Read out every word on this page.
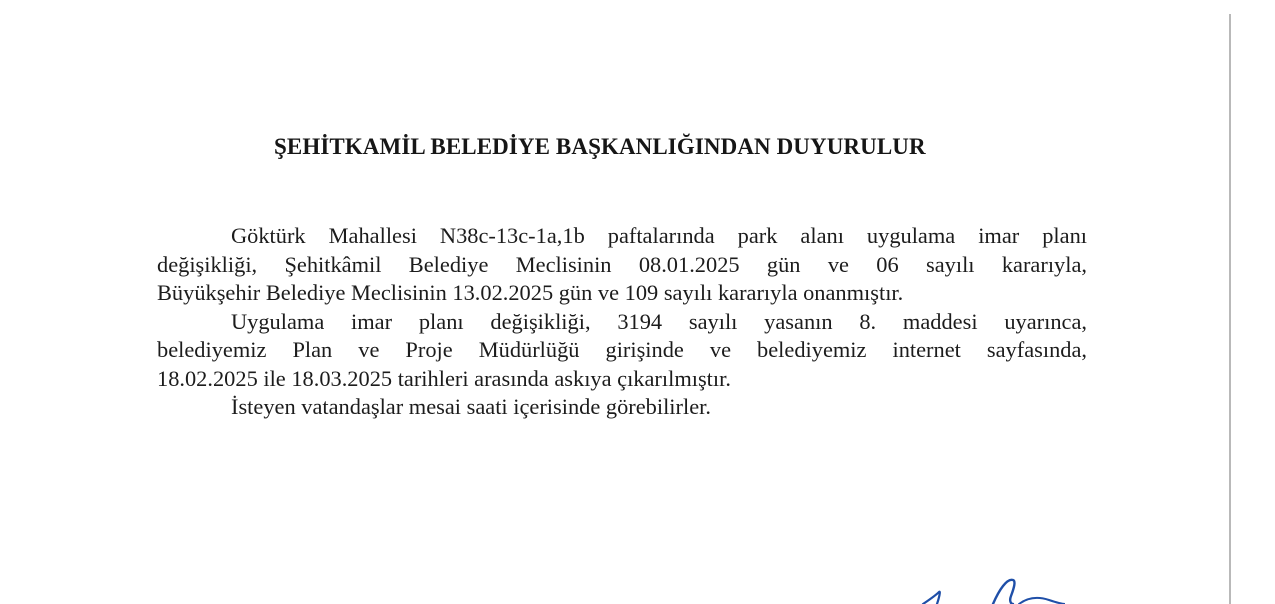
ŞEHİTKAMİL BELEDİYE BAŞKANLIĞINDAN DUYURULUR
Göktürk Mahallesi N38c-13c-1a,1b paftalarında park alanı uygulama imar planı
değişikliği, Şehitkâmil Belediye Meclisinin 08.01.2025 gün ve 06 sayılı kararıyla,
Büyükşehir Belediye Meclisinin 13.02.2025 gün ve 109 sayılı kararıyla onanmıştır.
Uygulama imar planı değişikliği, 3194 sayılı yasanın 8. maddesi uyarınca,
belediyemiz Plan ve Proje Müdürlüğü girişinde ve belediyemiz internet sayfasında,
18.02.2025 ile 18.03.2025 tarihleri arasında askıya çıkarılmıştır.
İsteyen vatandaşlar mesai saati içerisinde görebilirler.
